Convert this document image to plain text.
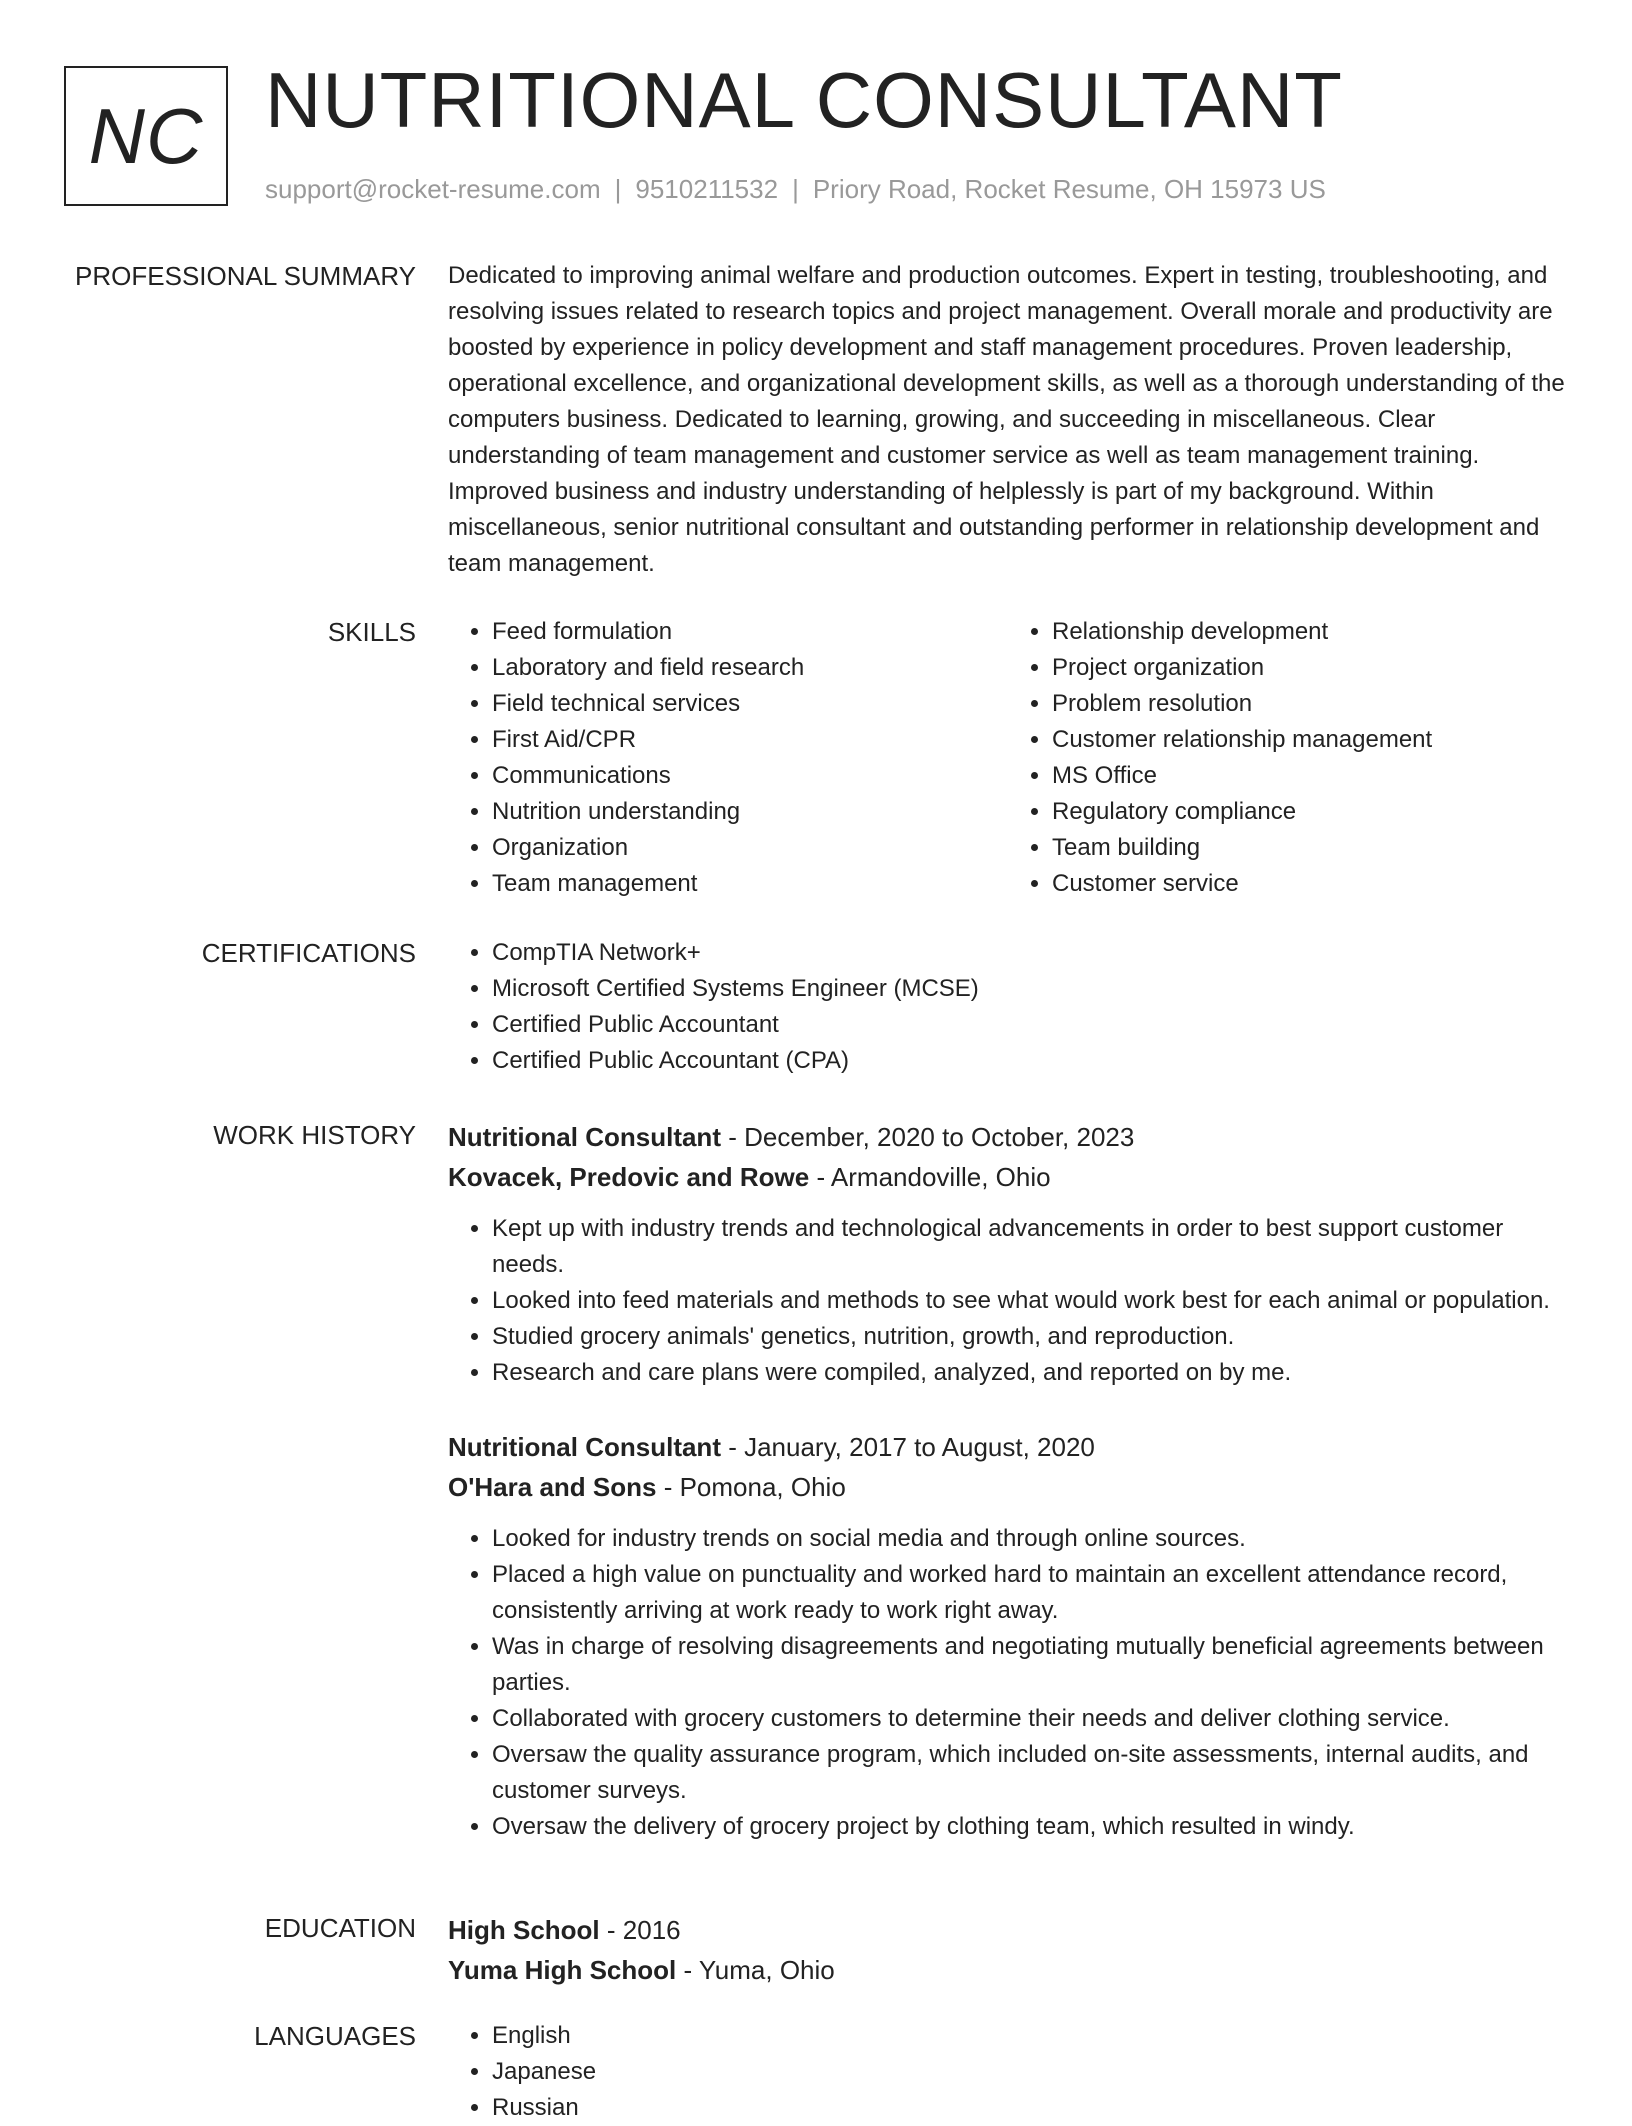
NC NUTRITIONAL CONSULTANT
support@rocket-resume.com | 9510211532 | Priory Road, Rocket Resume, OH 15973 US
PROFESSIONAL SUMMARY Dedicated to improving animal welfare and production outcomes. Expert in testing, troubleshooting, and resolving issues related to research topics and project management. Overall morale and productivity are boosted by experience in policy development and staff management procedures. Proven leadership, operational excellence, and organizational development skills, as well as a thorough understanding of the computers business. Dedicated to learning, growing, and succeeding in miscellaneous. Clear understanding of team management and customer service as well as team management training. Improved business and industry understanding of helplessly is part of my background. Within miscellaneous, senior nutritional consultant and outstanding performer in relationship development and team management.
SKILLS	• Feed formulation
• Laboratory and field research
• Field technical services
• First Aid/CPR
• Communications
• Nutrition understanding
• Organization
• Team management
• Relationship development
• Project organization
• Problem resolution
• Customer relationship management
• MS Office
• Regulatory compliance
• Team building
• Customer service
CERTIFICATIONS	• CompTIA Network+
• Microsoft Certified Systems Engineer (MCSE)
• Certified Public Accountant
• Certified Public Accountant (CPA)
WORK HISTORY Nutritional Consultant - December, 2020 to October, 2023
Kovacek, Predovic and Rowe - Armandoville, Ohio
• Kept up with industry trends and technological advancements in order to best support customer needs.
• Looked into feed materials and methods to see what would work best for each animal or population.
• Studied grocery animals' genetics, nutrition, growth, and reproduction.
• Research and care plans were compiled, analyzed, and reported on by me.
Nutritional Consultant - January, 2017 to August, 2020
O'Hara and Sons - Pomona, Ohio
• Looked for industry trends on social media and through online sources.
• Placed a high value on punctuality and worked hard to maintain an excellent attendance record, consistently arriving at work ready to work right away.
• Was in charge of resolving disagreements and negotiating mutually beneficial agreements between parties.
• Collaborated with grocery customers to determine their needs and deliver clothing service.
• Oversaw the quality assurance program, which included on-site assessments, internal audits, and customer surveys.
• Oversaw the delivery of grocery project by clothing team, which resulted in windy.
EDUCATION High School - 2016
Yuma High School - Yuma, Ohio
LANGUAGES	• English
• Japanese
• Russian
